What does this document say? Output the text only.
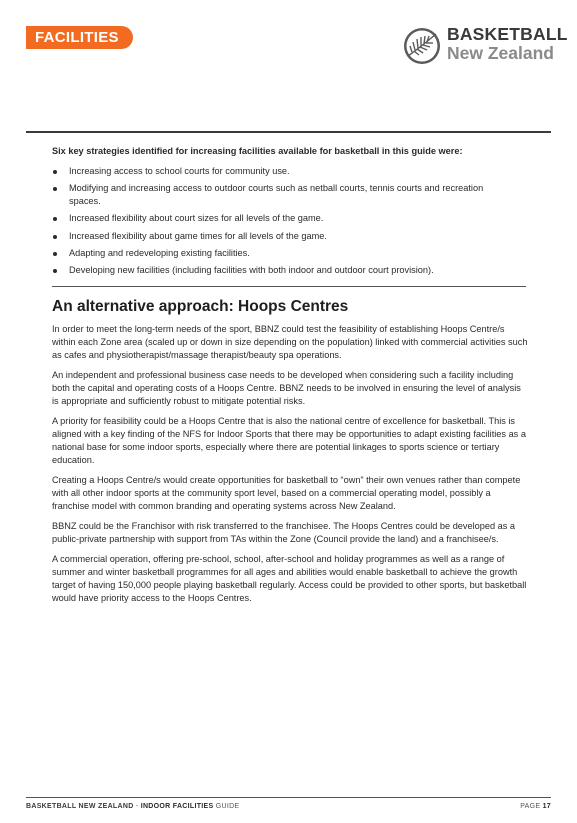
FACILITIES	BASKETBALL
New Zealand
Six key strategies identified for increasing facilities available for basketball in this guide were:
Increasing access to school courts for community use.
Modifying and increasing access to outdoor courts such as netball courts, tennis courts and recreation spaces.
Increased flexibility about court sizes for all levels of the game.
Increased flexibility about game times for all levels of the game.
Adapting and redeveloping existing facilities.
Developing new facilities (including facilities with both indoor and outdoor court provision).
An alternative approach: Hoops Centres

In order to meet the long-term needs of the sport, BBNZ could test the feasibility of establishing Hoops Centre/s within each Zone area (scaled up or down in size depending on the population) linked with commercial activities such as cafes and physiotherapist/massage therapist/beauty spa operations.

An independent and professional business case needs to be developed when considering such a facility including both the capital and operating costs of a Hoops Centre. BBNZ needs to be involved in ensuring the level of analysis is appropriate and sufficiently robust to mitigate potential risks.

A priority for feasibility could be a Hoops Centre that is also the national centre of excellence for basketball. This is aligned with a key finding of the NFS for Indoor Sports that there may be opportunities to adapt existing facilities as a national base for some indoor sports, especially where there are potential linkages to sports science or tertiary education.

Creating a Hoops Centre/s would create opportunities for basketball to “own” their own venues rather than compete with all other indoor sports at the community sport level, based on a commercial operating model, possibly a franchise model with common branding and operating systems across New Zealand.

BBNZ could be the Franchisor with risk transferred to the franchisee. The Hoops Centres could be developed as a public-private partnership with support from TAs within the Zone (Council provide the land) and a franchisee/s.

A commercial operation, offering pre-school, school, after-school and holiday programmes as well as a range of summer and winter basketball programmes for all ages and abilities would enable basketball to achieve the growth target of having 150,000 people playing basketball regularly. Access could be provided to other sports, but basketball would have priority access to the Hoops Centres.

BASKETBALL NEW ZEALAND - INDOOR FACILITIES GUIDE	PAGE 17
